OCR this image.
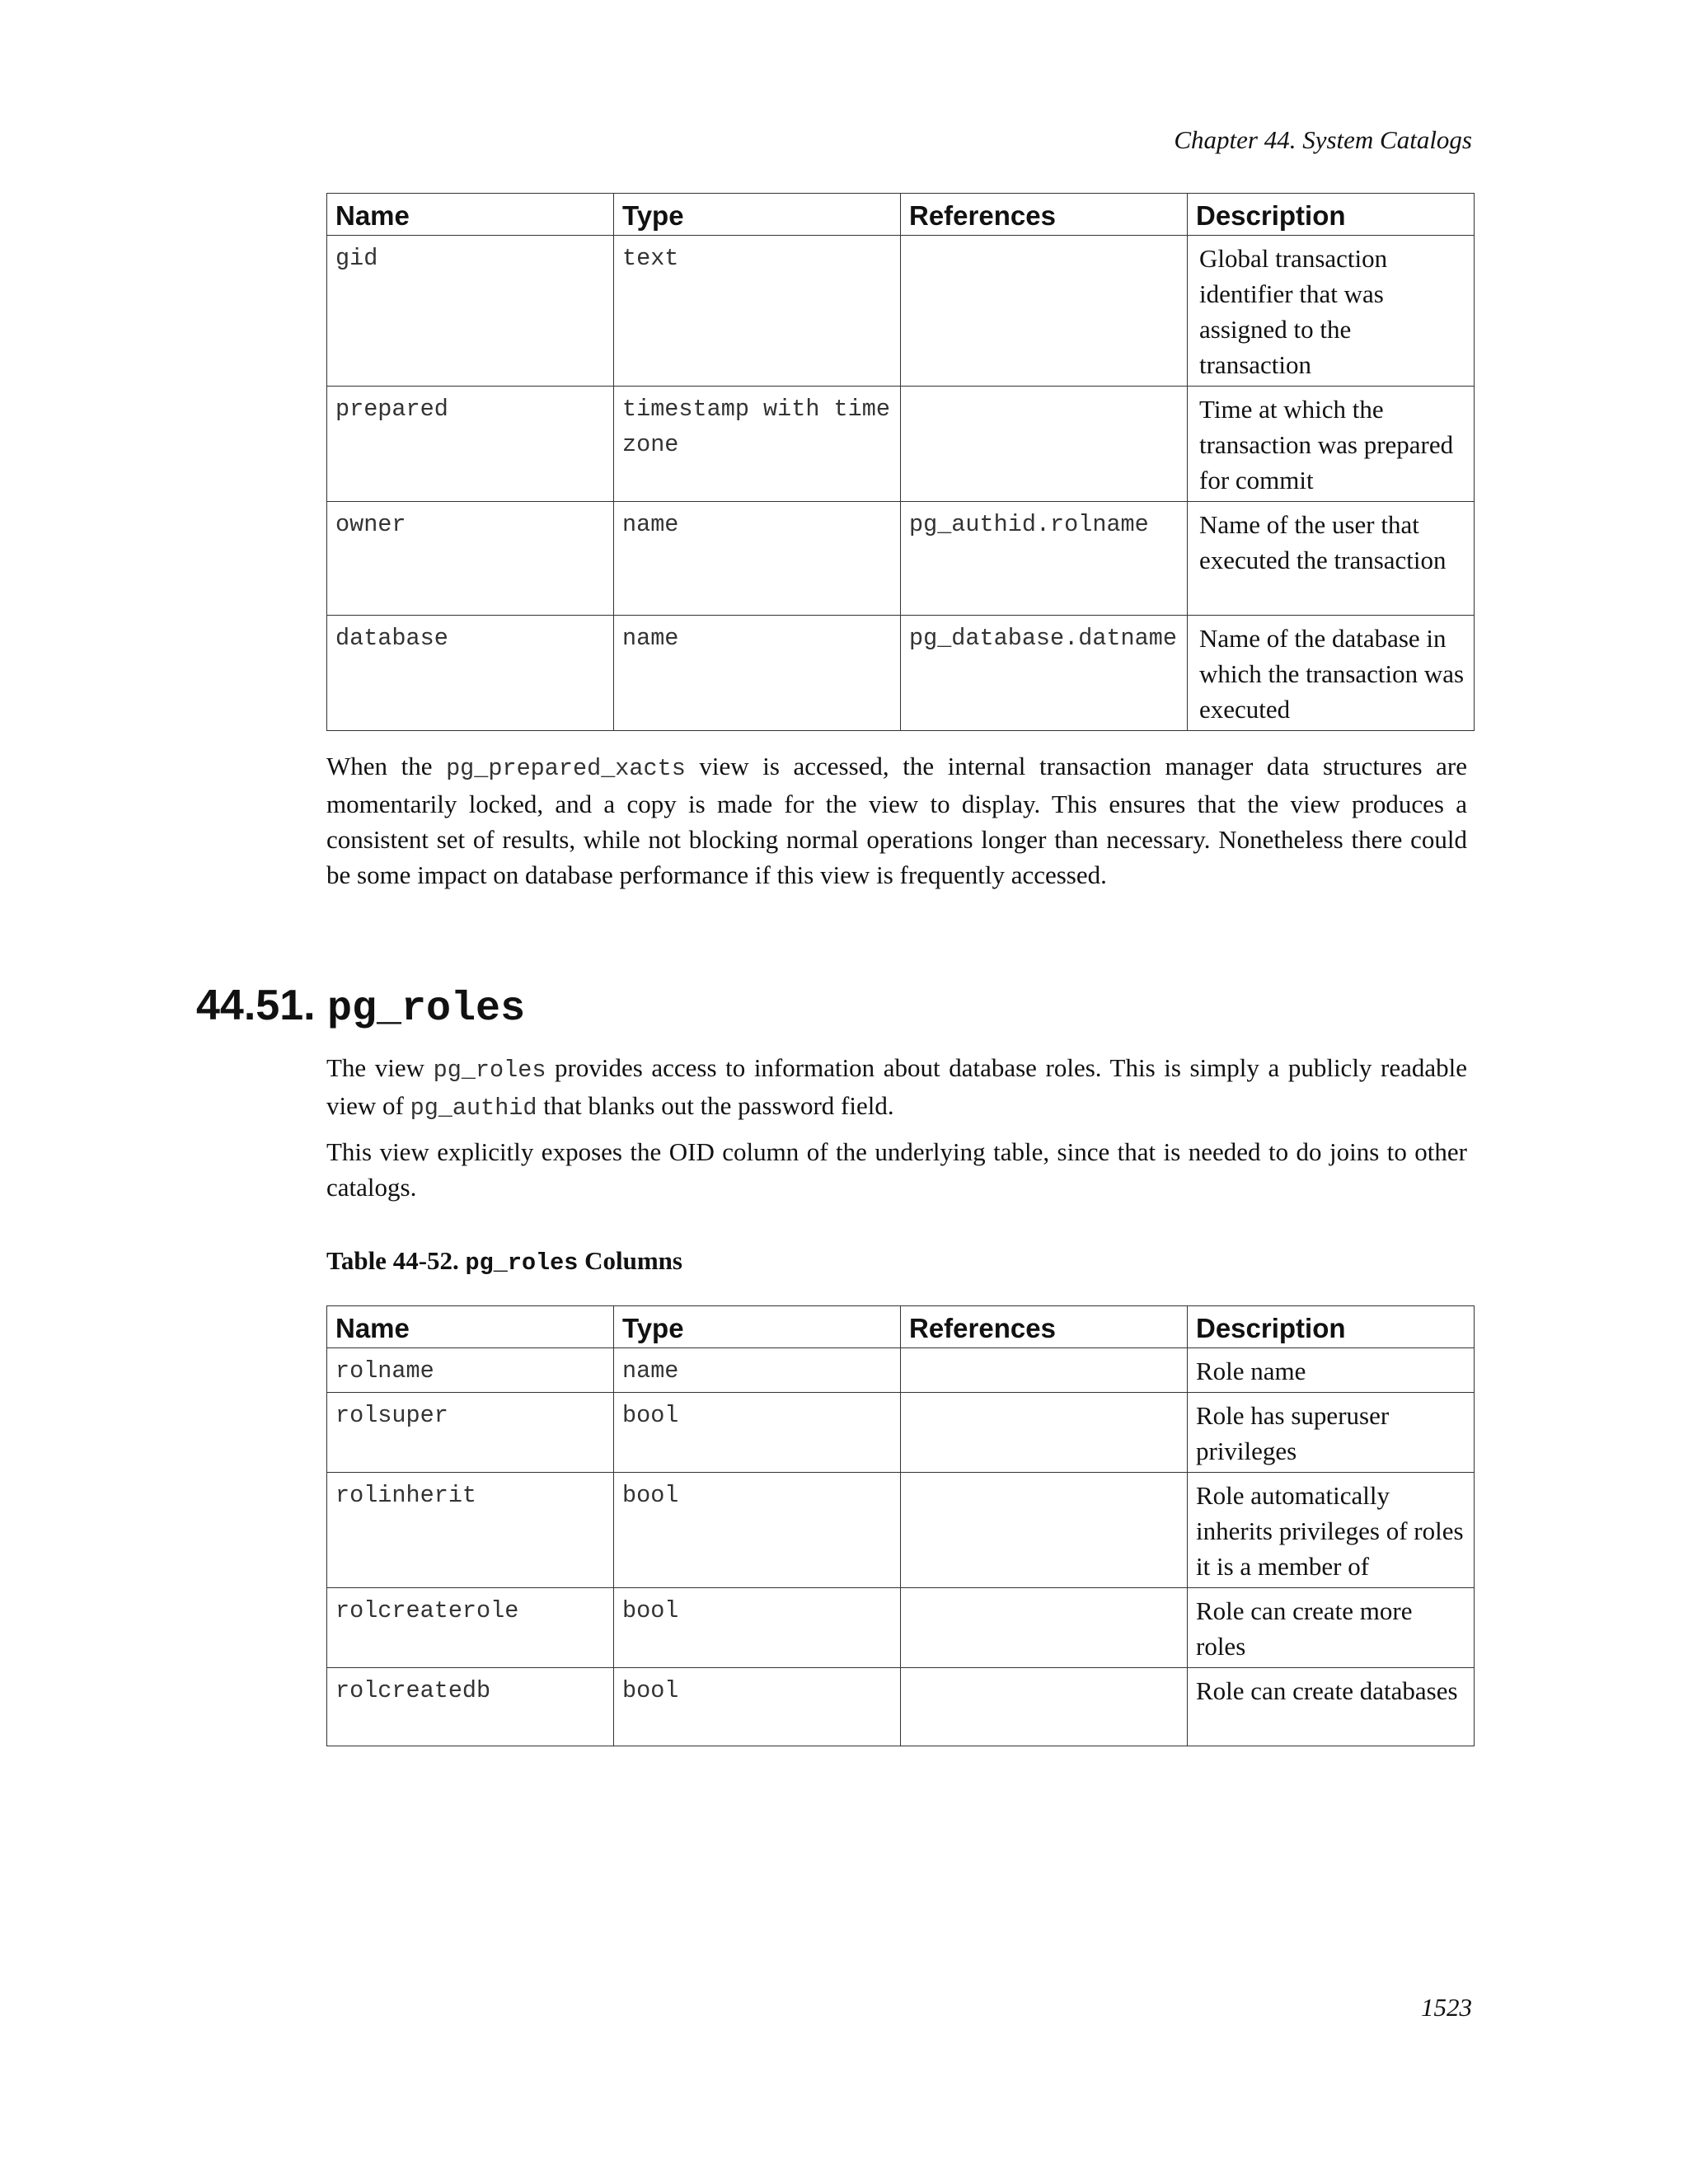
Chapter 44. System Catalogs
Name	Type	References	Description
gid	text		Global transaction identifier that was assigned to the transaction
prepared	timestamp with time zone		Time at which the transaction was prepared for commit
owner	name	pg_authid.rolname	Name of the user that executed the transaction
database	name	pg_database.datname	Name of the database in which the transaction was executed

When the pg_prepared_xacts view is accessed, the internal transaction manager data structures are momentarily locked, and a copy is made for the view to display. This ensures that the view produces a consistent set of results, while not blocking normal operations longer than necessary. Nonetheless there could be some impact on database performance if this view is frequently accessed.

44.51. pg_roles

The view pg_roles provides access to information about database roles. This is simply a publicly readable view of pg_authid that blanks out the password field.

This view explicitly exposes the OID column of the underlying table, since that is needed to do joins to other catalogs.

Table 44-52. pg_roles Columns

Name	Type	References	Description
rolname	name		Role name
rolsuper	bool		Role has superuser privileges
rolinherit	bool		Role automatically inherits privileges of roles it is a member of
rolcreaterole	bool		Role can create more roles
rolcreatedb	bool		Role can create databases
1523
